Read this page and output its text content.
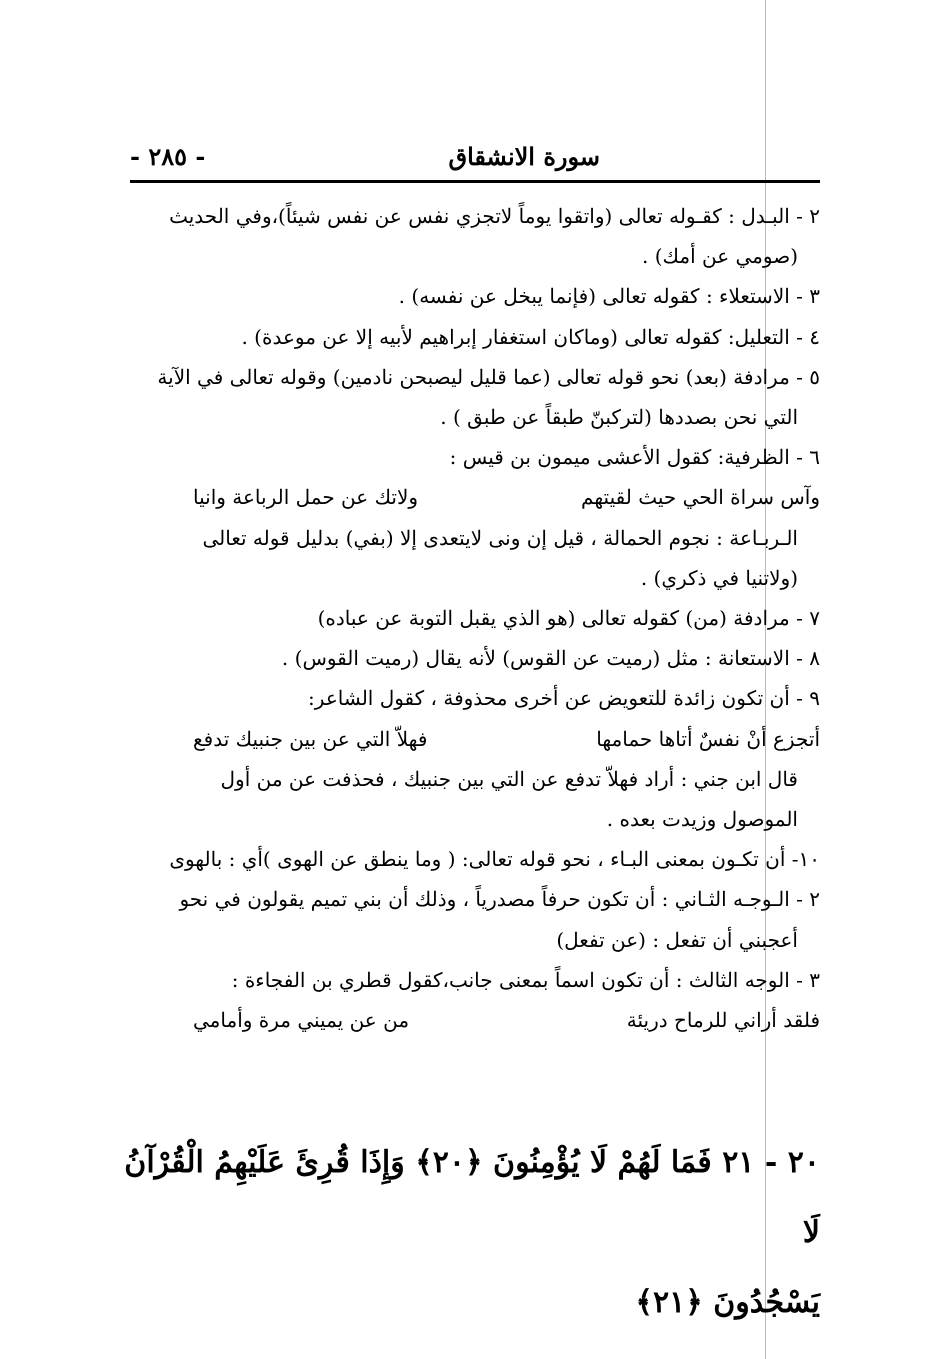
سورة الانشقاق
- ٢٨٥ -

٢ - البـدل : كقـوله تعالى (واتقوا يوماً لاتجزي نفس عن نفس شيئاً)،وفي الحديث

(صومي عن أمك) .

٣ - الاستعلاء : كقوله تعالى (فإنما يبخل عن نفسه) .

٤ - التعليل: كقوله تعالى (وماكان استغفار إبراهيم لأبيه إلا عن موعدة) .

٥ - مرادفة (بعد) نحو قوله تعالى (عما قليل ليصبحن نادمين) وقوله تعالى في الآية

التي نحن بصددها (لتركبنّ طبقاً عن طبق ) .

٦ - الظرفية: كقول الأعشى ميمون بن قيس :

وآس سراة الحي حيث لقيتهم
ولاتك عن حمل الرباعة وانيا

الـربـاعة : نجوم الحمالة ، قيل إن ونى لايتعدى إلا (بفي) بدليل قوله تعالى

(ولاتنيا في ذكري) .

٧ - مرادفة (من) كقوله تعالى (هو الذي يقبل التوبة عن عباده)

٨ - الاستعانة : مثل (رميت عن القوس) لأنه يقال (رميت القوس) .

٩ - أن تكون زائدة للتعويض عن أخرى محذوفة ، كقول الشاعر:

أتجزع أنْ نفسٌ أتاها حمامها
فهلاّ التي عن بين جنبيك تدفع

قال ابن جني : أراد فهلاّ تدفع عن التي بين جنبيك ، فحذفت عن من أول

الموصول وزيدت بعده .

١٠- أن تكـون بمعنى البـاء ، نحو قوله تعالى: ( وما ينطق عن الهوى )أي : بالهوى

٢ - الـوجـه الثـاني : أن تكون حرفاً مصدرياً ، وذلك أن بني تميم يقولون في نحو

أعجبني أن تفعل : (عن تفعل)

٣ - الوجه الثالث : أن تكون اسماً بمعنى جانب،كقول قطري بن الفجاءة :

فلقد أراني للرماح دريئة
من عن يميني مرة وأمامي

٢٠ - ٢١ فَمَا لَهُمْ لَا يُؤْمِنُونَ ﴿٢٠﴾ وَإِذَا قُرِئَ عَلَيْهِمُ الْقُرْآنُ لَا

يَسْجُدُونَ ﴿٢١﴾
